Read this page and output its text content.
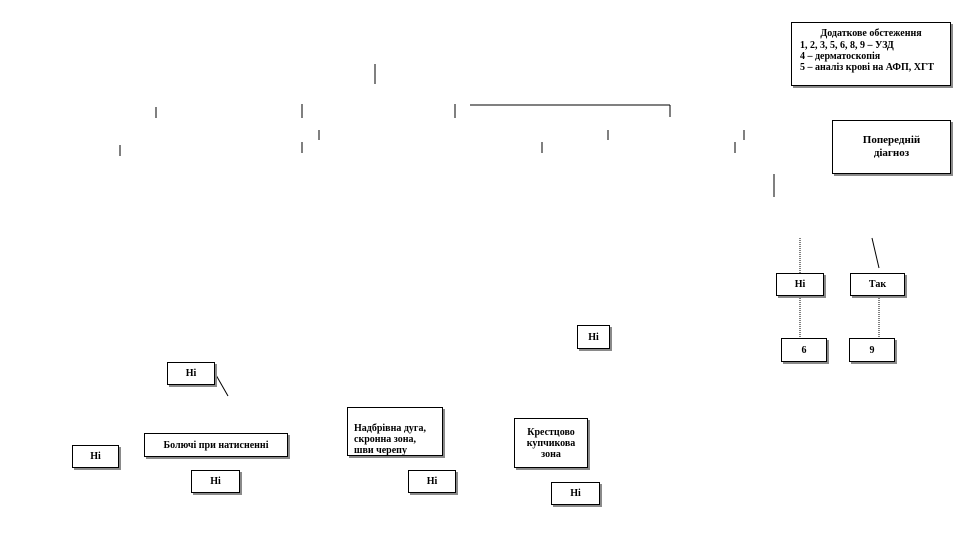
Додаткове обстеження
1, 2, 3, 5, 6, 8, 9 – УЗД
4 – дерматоскопія
5 – аналіз крові на АФП, ХГТ
Попередній
діагноз
Ні	Так
6	9
Ні
Ні
Болючі при натисненні

Надбрівна дуга,
скронна зона,
шви черепу

Крестцово
купчикова
зона
Ні
Ні	Ні
Ні
